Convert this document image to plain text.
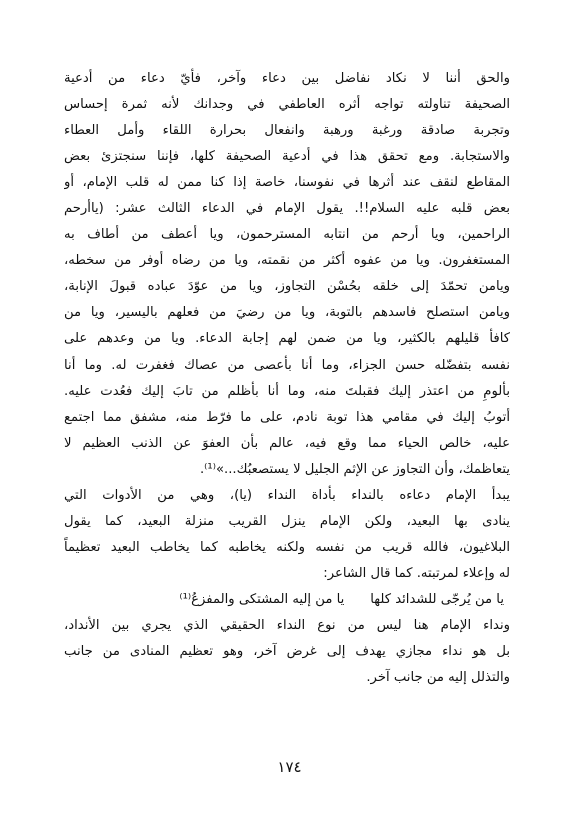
والحق أننا لا نكاد نفاضل بين دعاء وآخر، فأيّ دعاء من أدعية
الصحيفة تناولته تواجه أثره العاطفي في وجدانك لأنه ثمرة إحساس
وتجربة صادقة ورغبة ورهبة وانفعال بحرارة اللقاء وأمل العطاء
والاستجابة. ومع تحقق هذا في أدعية الصحيفة كلها، فإننا سنجتزئ بعض
المقاطع لنقف عند أثرها في نفوسنا، خاصة إذا كنا ممن له قلب الإمام، أو
بعض قلبه عليه السلام!!. يقول الإمام في الدعاء الثالث عشر: (ياأرحم
الراحمين، ويا أرحم من انتابه المسترحمون، ويا أعطف من أطاف به
المستغفرون. ويا من عفوه أكثر من نقمته، ويا من رضاه أوفر من سخطه،
ويامن تحمّدَ إلى خلقه بحُسْن التجاوز، ويا من عوّدَ عباده قبولَ الإنابة،
ويامن استصلح فاسدهم بالتوبة، ويا من رضيَ من فعلهم باليسير، ويا من
كافأ قليلهم بالكثير، ويا من ضمن لهم إجابة الدعاء. ويا من وعدهم على
نفسه بتفضّله حسن الجزاء، وما أنا بأعصى من عصاك فغفرت له. وما أنا
بألومِ من اعتذر إليك فقبلتَ منه، وما أنا بأظلم من تابَ إليك فعُدت عليه.
أتوبُ إليك في مقامي هذا توبة نادم، على ما فرّط منه، مشفق مما اجتمع
عليه، خالص الحياء مما وقع فيه، عالم بأن العفوَ عن الذنب العظيم لا
يتعاظمك، وأن التجاوز عن الإثم الجليل لا يستصعبُك...»⁽¹⁾.
يبدأ الإمام دعاءه بالنداء بأداة النداء (يا)، وهي من الأدوات التي
ينادى بها البعيد، ولكن الإمام ينزل القريب منزلة البعيد، كما يقول
البلاغيون، فالله قريب من نفسه ولكنه يخاطبه كما يخاطب البعيد تعظيماً
له وإعلاء لمرتبته. كما قال الشاعر:
يا من يُرجّى للشدائد كلها
يا من إليه المشتكى والمفزعُ⁽¹⁾
ونداء الإمام هنا ليس من نوع النداء الحقيقي الذي يجري بين الأنداد،
بل هو نداء مجازي يهدف إلى غرض آخر، وهو تعظيم المنادى من جانب
والتذلل إليه من جانب آخر.
١٧٤
